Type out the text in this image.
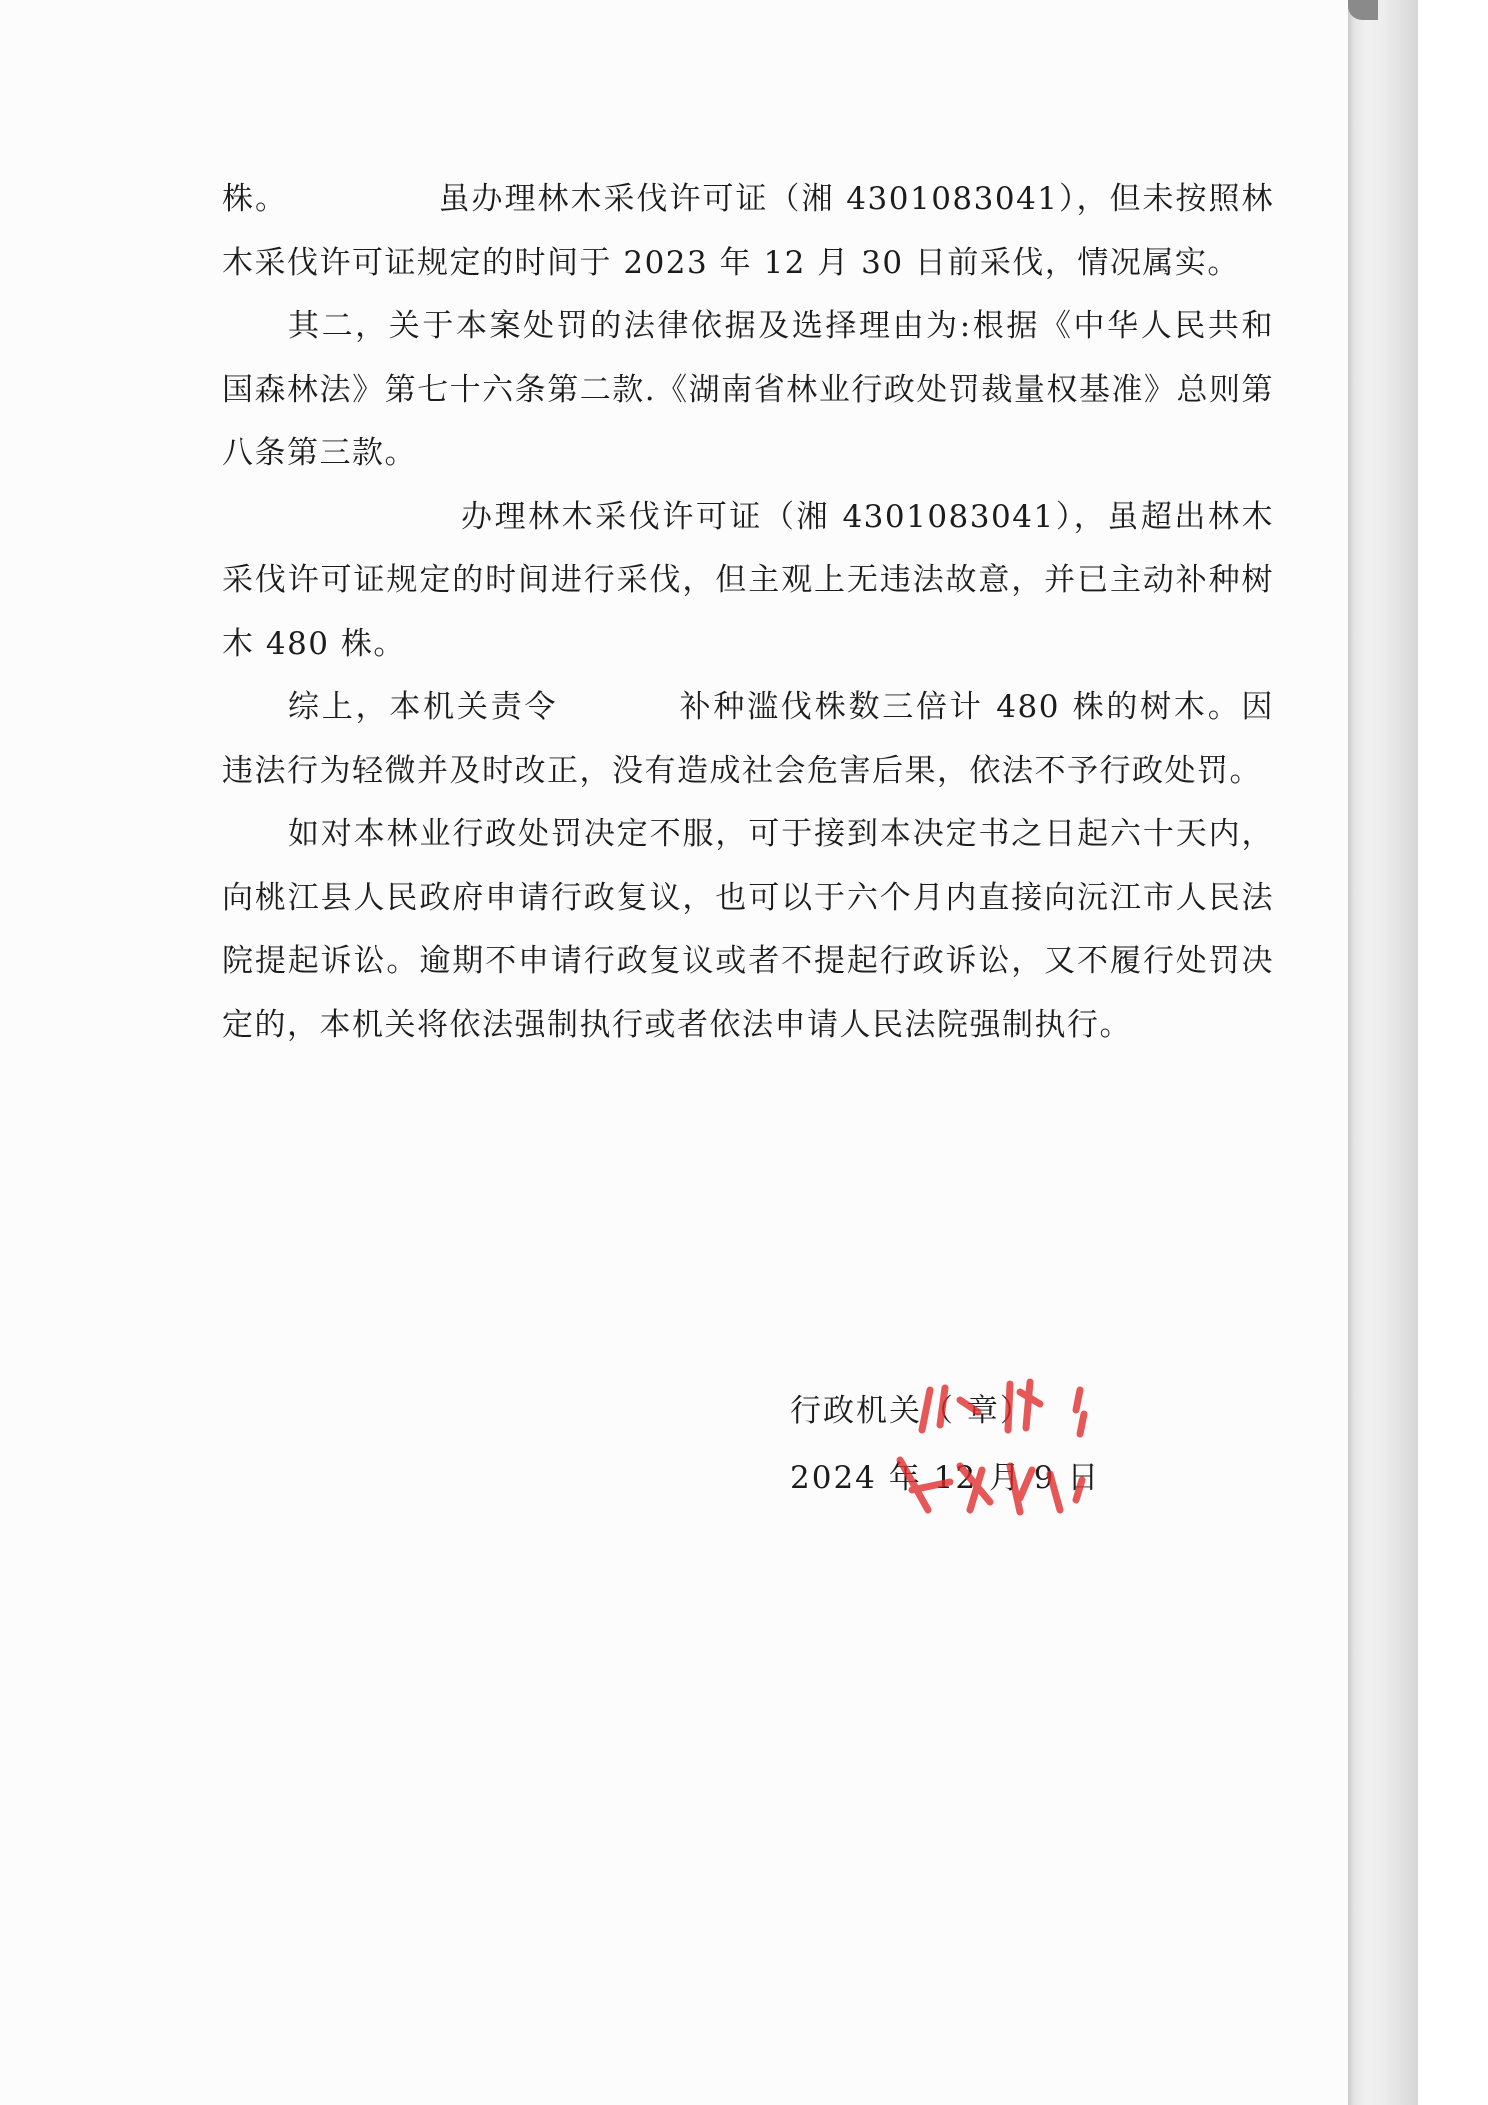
株。	虽办理林木采伐许可证（湘 4301083041），但未按照林木采伐许可证规定的时间于 2023 年 12 月 30 日前采伐，情况属实。

其二，关于本案处罚的法律依据及选择理由为:根据《中华人民共和国森林法》第七十六条第二款.《湖南省林业行政处罚裁量权基准》总则第八条第三款。

办理林木采伐许可证（湘 4301083041），虽超出林木采伐许可证规定的时间进行采伐，但主观上无违法故意，并已主动补种树木 480 株。

综上，本机关责令	补种滥伐株数三倍计 480 株的树木。因违法行为轻微并及时改正，没有造成社会危害后果，依法不予行政处罚。

如对本林业行政处罚决定不服，可于接到本决定书之日起六十天内，向桃江县人民政府申请行政复议，也可以于六个月内直接向沅江市人民法院提起诉讼。逾期不申请行政复议或者不提起行政诉讼，又不履行处罚决定的，本机关将依法强制执行或者依法申请人民法院强制执行。

行政机关（ 章）
2024 年 12 月 9 日
